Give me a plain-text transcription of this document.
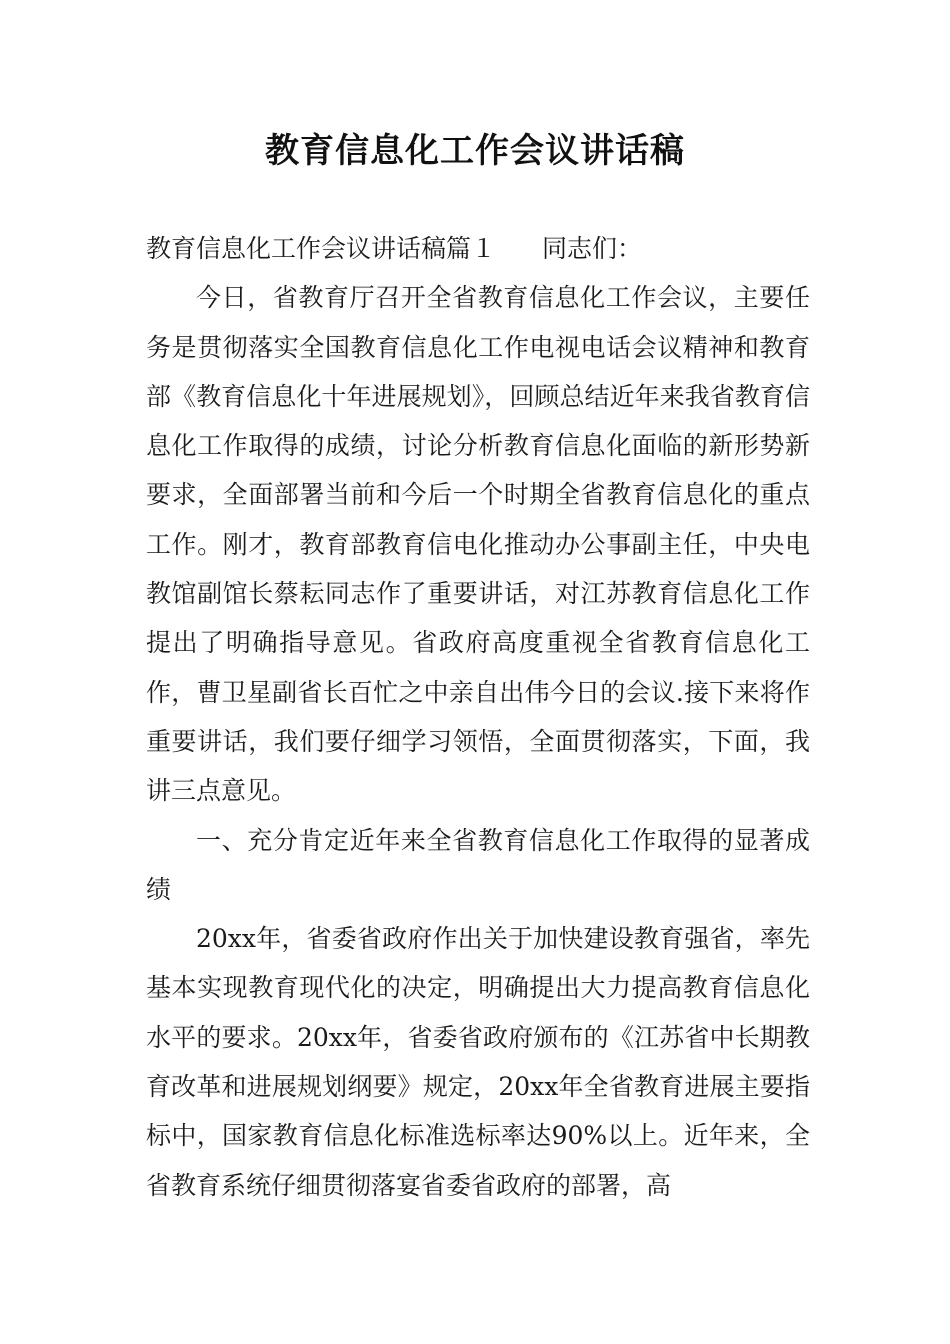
教育信息化工作会议讲话稿

教育信息化工作会议讲话稿篇１ 同志们：

今日，省教育厅召开全省教育信息化工作会议，主要任务是贯彻落实全国教育信息化工作电视电话会议精神和教育部《教育信息化十年进展规划》，回顾总结近年来我省教育信息化工作取得的成绩，讨论分析教育信息化面临的新形势新要求，全面部署当前和今后一个时期全省教育信息化的重点工作。刚才，教育部教育信电化推动办公事副主任，中央电教馆副馆长蔡耘同志作了重要讲话，对江苏教育信息化工作提出了明确指导意见。省政府高度重视全省教育信息化工作，曹卫星副省长百忙之中亲自出伟今日的会议.接下来将作重要讲话，我们要仔细学习领悟，全面贯彻落实，下面，我讲三点意见。

一、充分肯定近年来全省教育信息化工作取得的显著成绩

20xx年，省委省政府作出关于加快建设教育强省，率先基本实现教育现代化的决定，明确提出大力提高教育信息化水平的要求。20xx年，省委省政府颁布的《江苏省中长期教育改革和进展规划纲要》规定，20xx年全省教育进展主要指标中，国家教育信息化标准选标率达90%以上。近年来，全省教育系统仔细贯彻落宴省委省政府的部署，高
